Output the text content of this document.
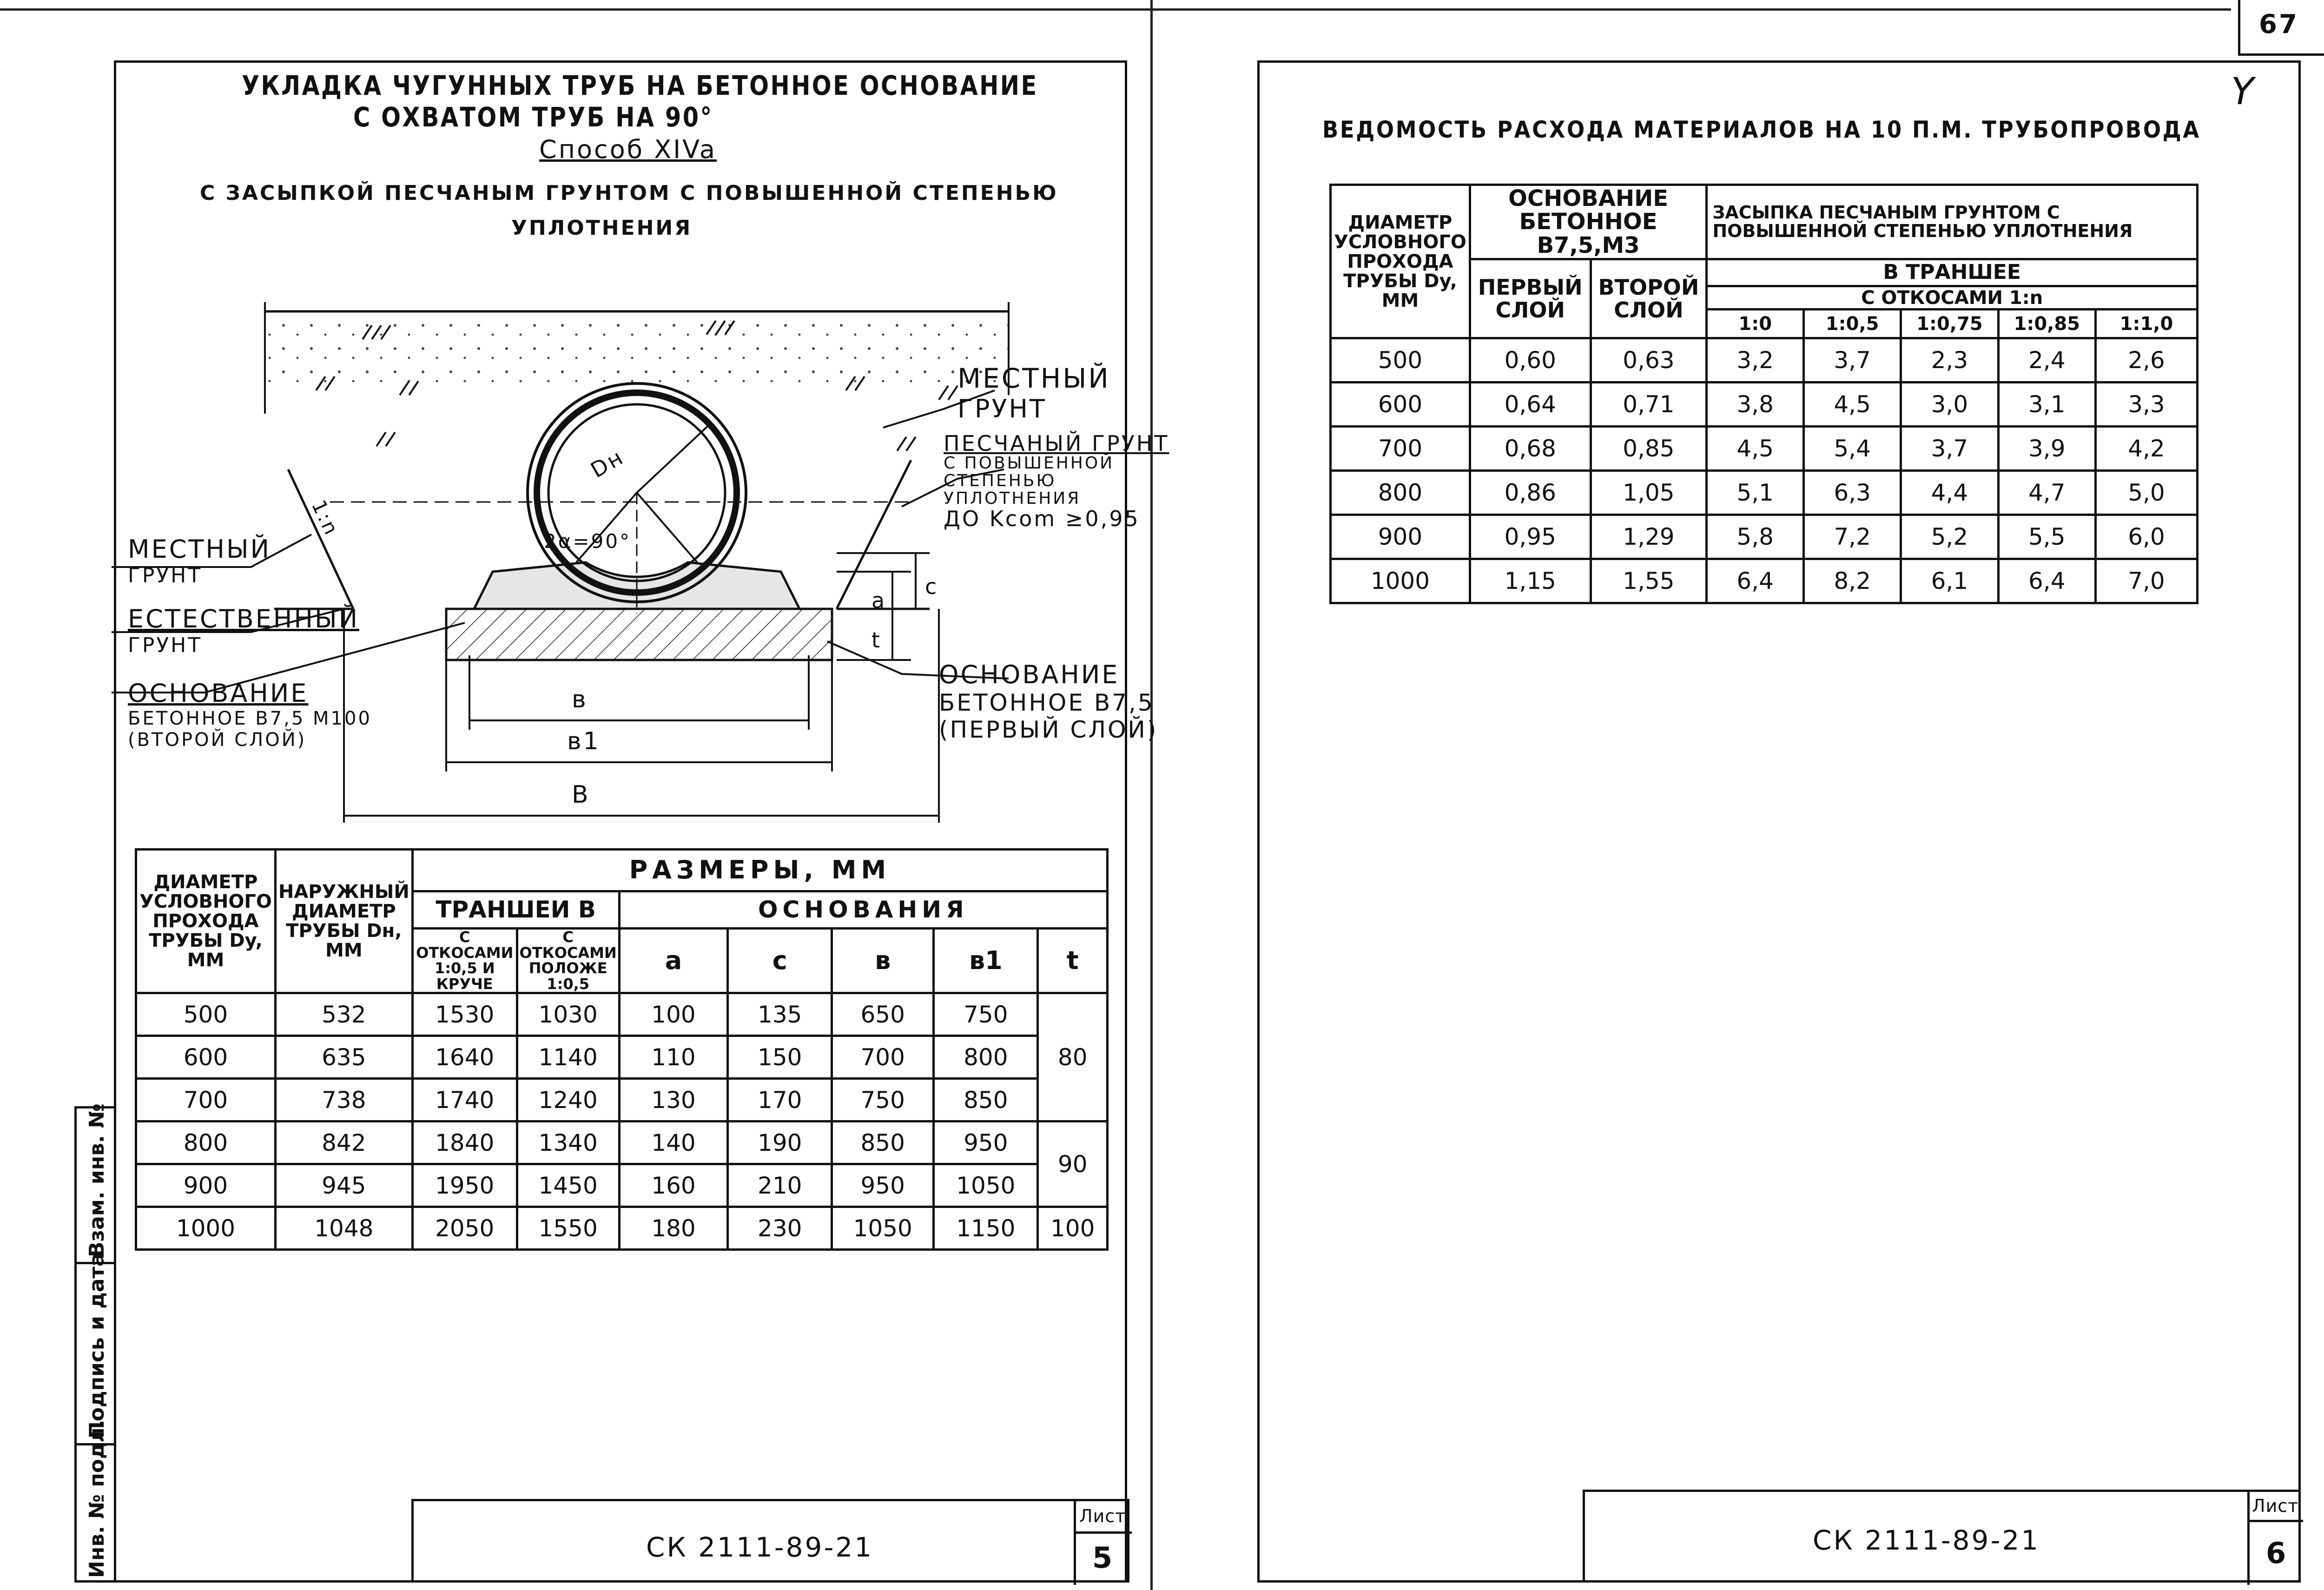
67
Y
Инв. № подл.
Подпись и дата
Взам. инв. №
УКЛАДКА ЧУГУННЫХ ТРУБ НА БЕТОННОЕ ОСНОВАНИЕ
С ОХВАТОМ ТРУБ НА 90°
Способ XIVa
С ЗАСЫПКОЙ ПЕСЧАНЫМ ГРУНТОМ С ПОВЫШЕННОЙ СТЕПЕНЬЮ
УПЛОТНЕНИЯ
Dн
2α=90°
1:n
в
в1
В
а
с
t
МЕСТНЫЙ
ГРУНТ
ПЕСЧАНЫЙ ГРУНТ
С ПОВЫШЕННОЙ
СТЕПЕНЬЮ
УПЛОТНЕНИЯ
ДО Kcom ≥0,95
МЕСТНЫЙ
ГРУНТ
ЕСТЕСТВЕННЫЙ
ГРУНТ
ОСНОВАНИЕ
БЕТОННОЕ В7,5 М100
(ВТОРОЙ СЛОЙ)
ОСНОВАНИЕ
БЕТОННОЕ В7,5
(ПЕРВЫЙ СЛОЙ)
ДИАМЕТР УСЛОВНОГО ПРОХОДА ТРУБЫ Dy, ММ	НАРУЖНЫЙ ДИАМЕТР ТРУБЫ Dн, ММ	РАЗМЕРЫ, ММ						
		ТРАНШЕИ В		ОСНОВАНИЯ				
		С ОТКОСАМИ 1:0,5 И КРУЧЕ	С ОТКОСАМИ ПОЛОЖЕ 1:0,5	а	с	в	в1	t
500	532	1530	1030	100	135	650	750	80
600	635	1640	1140	110	150	700	800	
700	738	1740	1240	130	170	750	850	
800	842	1840	1340	140	190	850	950	90
900	945	1950	1450	160	210	950	1050	
1000	1048	2050	1550	180	230	1050	1150	100
СК 2111-89-21
Лист
5
ВЕДОМОСТЬ РАСХОДА МАТЕРИАЛОВ НА 10 П.М. ТРУБОПРОВОДА
ДИАМЕТР УСЛОВНОГО ПРОХОДА ТРУБЫ Dy, ММ	ОСНОВАНИЕ БЕТОННОЕ В7,5,М3		ЗАСЫПКА ПЕСЧАНЫМ ГРУНТОМ С ПОВЫШЕННОЙ СТЕПЕНЬЮ УПЛОТНЕНИЯ				
	ПЕРВЫЙ СЛОЙ	ВТОРОЙ СЛОЙ	В ТРАНШЕЕ				
			С ОТКОСАМИ 1:n				
			1:0	1:0,5	1:0,75	1:0,85	1:1,0
500	0,60	0,63	3,2	3,7	2,3	2,4	2,6
600	0,64	0,71	3,8	4,5	3,0	3,1	3,3
700	0,68	0,85	4,5	5,4	3,7	3,9	4,2
800	0,86	1,05	5,1	6,3	4,4	4,7	5,0
900	0,95	1,29	5,8	7,2	5,2	5,5	6,0
1000	1,15	1,55	6,4	8,2	6,1	6,4	7,0
СК 2111-89-21
Лист
6
